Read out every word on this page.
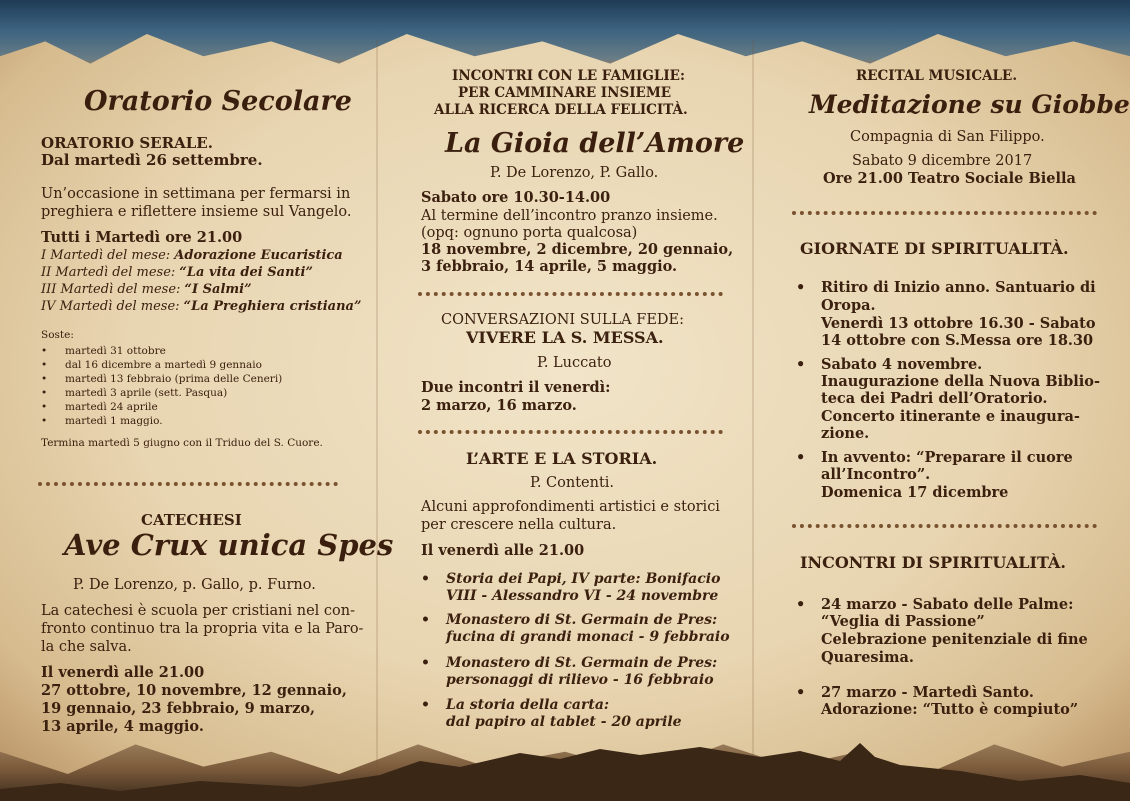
Oratorio Secolare
ORATORIO SERALE.
Dal martedì 26 settembre.
Un’occasione in settimana per fermarsi in
preghiera e riflettere insieme sul Vangelo.
Tutti i Martedì ore 21.00
I Martedì del mese: Adorazione Eucaristica
II Martedì del mese: “La vita dei Santi”
III Martedì del mese: “I Salmi”
IV Martedì del mese: “La Preghiera cristiana”
Soste:
• martedì 31 ottobre
• dal 16 dicembre a martedì 9 gennaio
• martedì 13 febbraio (prima delle Ceneri)
• martedì 3 aprile (sett. Pasqua)
• martedì 24 aprile
• martedì 1 maggio.
Termina martedì 5 giugno con il Triduo del S. Cuore.
CATECHESI
Ave Crux unica Spes
P. De Lorenzo, p. Gallo, p. Furno.
La catechesi è scuola per cristiani nel con-
fronto continuo tra la propria vita e la Paro-
la che salva.
Il venerdì alle 21.00
27 ottobre, 10 novembre, 12 gennaio,
19 gennaio, 23 febbraio, 9 marzo,
13 aprile, 4 maggio.
INCONTRI CON LE FAMIGLIE:
PER CAMMINARE INSIEME
ALLA RICERCA DELLA FELICITÀ.
La Gioia dell’Amore
P. De Lorenzo, P. Gallo.
Sabato ore 10.30-14.00
Al termine dell’incontro pranzo insieme.
(opq: ognuno porta qualcosa)
18 novembre, 2 dicembre, 20 gennaio,
3 febbraio, 14 aprile, 5 maggio.
CONVERSAZIONI SULLA FEDE:
VIVERE LA S. MESSA.
P. Luccato
Due incontri il venerdì:
2 marzo, 16 marzo.
L’ARTE E LA STORIA.
P. Contenti.
Alcuni approfondimenti artistici e storici
per crescere nella cultura.
Il venerdì alle 21.00
• Storia dei Papi, IV parte: Bonifacio
VIII - Alessandro VI - 24 novembre
• Monastero di St. Germain de Pres:
fucina di grandi monaci - 9 febbraio
• Monastero di St. Germain de Pres:
personaggi di rilievo - 16 febbraio
• La storia della carta:
dal papiro al tablet - 20 aprile
RECITAL MUSICALE.
Meditazione su Giobbe
Compagnia di San Filippo.
Sabato 9 dicembre 2017
Ore 21.00 Teatro Sociale Biella
GIORNATE DI SPIRITUALITÀ.
• Ritiro di Inizio anno. Santuario di
Oropa.
Venerdì 13 ottobre 16.30 - Sabato
14 ottobre con S.Messa ore 18.30
• Sabato 4 novembre.
Inaugurazione della Nuova Biblio-
teca dei Padri dell’Oratorio.
Concerto itinerante e inaugura-
zione.
• In avvento: “Preparare il cuore
all’Incontro”.
Domenica 17 dicembre
INCONTRI DI SPIRITUALITÀ.
• 24 marzo - Sabato delle Palme:
“Veglia di Passione”
Celebrazione penitenziale di fine
Quaresima.
• 27 marzo - Martedì Santo.
Adorazione: “Tutto è compiuto”
